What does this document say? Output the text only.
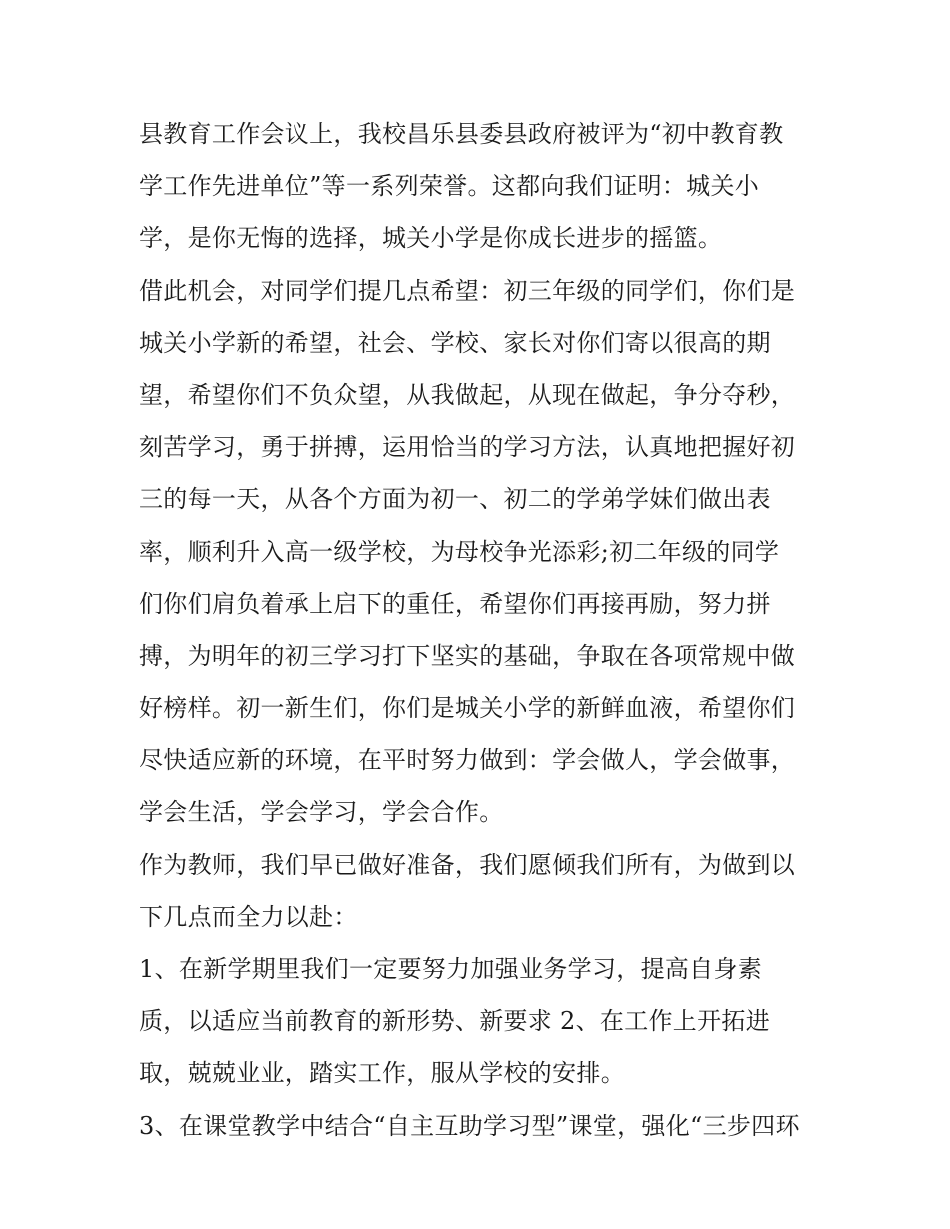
县教育工作会议上，我校昌乐县委县政府被评为“初中教育教
学工作先进单位”等一系列荣誉。这都向我们证明：城关小
学，是你无悔的选择，城关小学是你成长进步的摇篮。
借此机会，对同学们提几点希望：初三年级的同学们，你们是
城关小学新的希望，社会、学校、家长对你们寄以很高的期
望，希望你们不负众望，从我做起，从现在做起，争分夺秒，
刻苦学习，勇于拼搏，运用恰当的学习方法，认真地把握好初
三的每一天，从各个方面为初一、初二的学弟学妹们做出表
率，顺利升入高一级学校，为母校争光添彩;初二年级的同学
们你们肩负着承上启下的重任，希望你们再接再励，努力拼
搏，为明年的初三学习打下坚实的基础，争取在各项常规中做
好榜样。初一新生们，你们是城关小学的新鲜血液，希望你们
尽快适应新的环境，在平时努力做到：学会做人，学会做事，
学会生活，学会学习，学会合作。
作为教师，我们早已做好准备，我们愿倾我们所有，为做到以
下几点而全力以赴：
1、在新学期里我们一定要努力加强业务学习，提高自身素
质，以适应当前教育的新形势、新要求 2、在工作上开拓进
取，兢兢业业，踏实工作，服从学校的安排。
3、在课堂教学中结合“自主互助学习型”课堂，强化“三步四环
